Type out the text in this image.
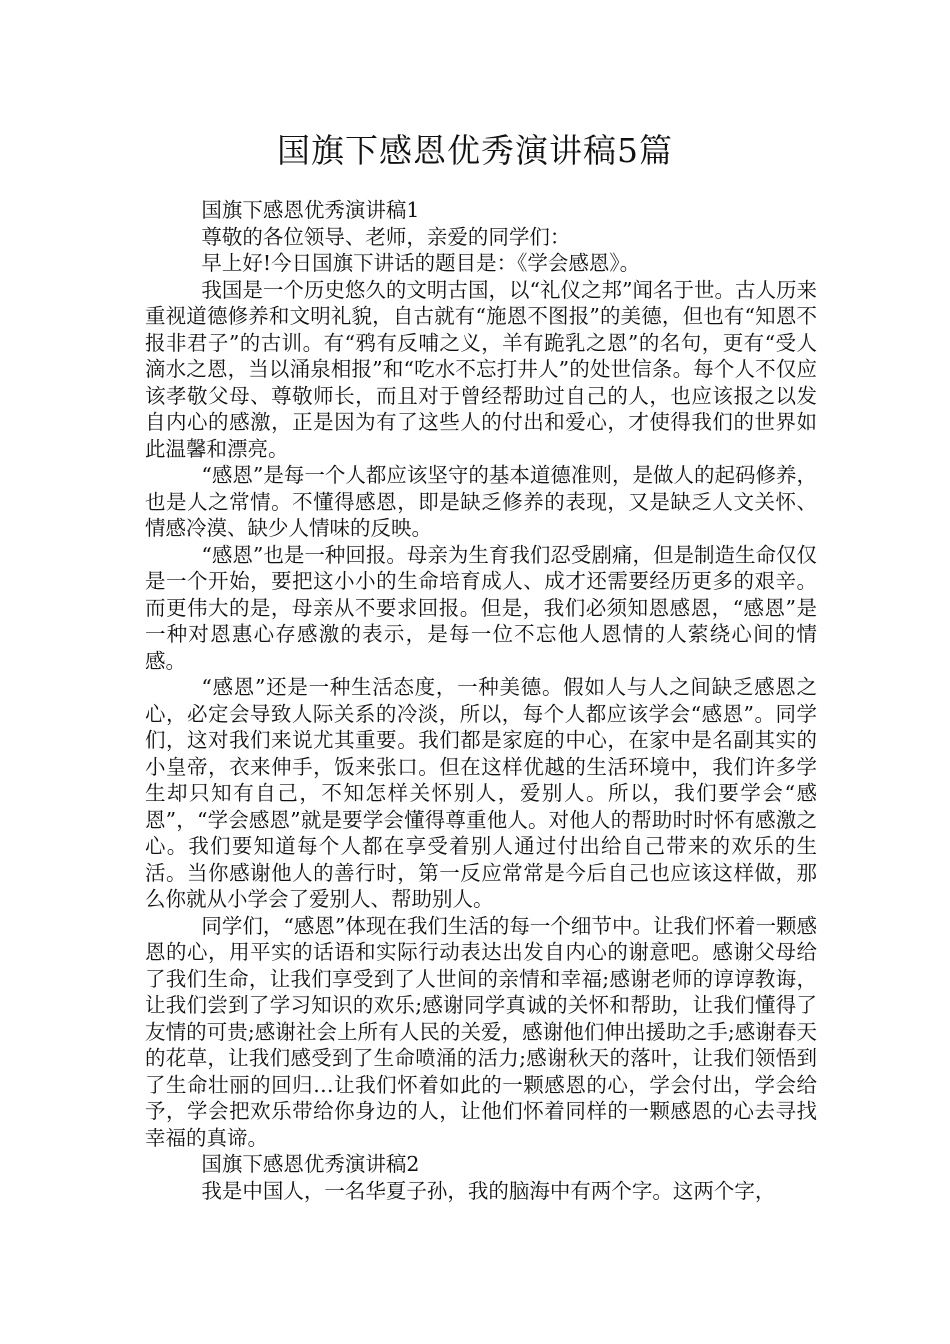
国旗下感恩优秀演讲稿5篇

国旗下感恩优秀演讲稿1

尊敬的各位领导、老师，亲爱的同学们：

早上好!今日国旗下讲话的题目是：《学会感恩》。

我国是一个历史悠久的文明古国，以“礼仪之邦”闻名于世。古人历来重视道德修养和文明礼貌，自古就有“施恩不图报”的美德，但也有“知恩不报非君子”的古训。有“鸦有反哺之义，羊有跪乳之恩”的名句，更有“受人滴水之恩，当以涌泉相报”和“吃水不忘打井人”的处世信条。每个人不仅应该孝敬父母、尊敬师长，而且对于曾经帮助过自己的人，也应该报之以发自内心的感激，正是因为有了这些人的付出和爱心，才使得我们的世界如此温馨和漂亮。

“感恩”是每一个人都应该坚守的基本道德准则，是做人的起码修养，也是人之常情。不懂得感恩，即是缺乏修养的表现，又是缺乏人文关怀、情感冷漠、缺少人情味的反映。

“感恩”也是一种回报。母亲为生育我们忍受剧痛，但是制造生命仅仅是一个开始，要把这小小的生命培育成人、成才还需要经历更多的艰辛。而更伟大的是，母亲从不要求回报。但是，我们必须知恩感恩，“感恩”是一种对恩惠心存感激的表示，是每一位不忘他人恩情的人萦绕心间的情感。

“感恩”还是一种生活态度，一种美德。假如人与人之间缺乏感恩之心，必定会导致人际关系的冷淡，所以，每个人都应该学会“感恩”。同学们，这对我们来说尤其重要。我们都是家庭的中心，在家中是名副其实的小皇帝，衣来伸手，饭来张口。但在这样优越的生活环境中，我们许多学生却只知有自己，不知怎样关怀别人，爱别人。所以，我们要学会“感恩”，“学会感恩”就是要学会懂得尊重他人。对他人的帮助时时怀有感激之心。我们要知道每个人都在享受着别人通过付出给自己带来的欢乐的生活。当你感谢他人的善行时，第一反应常常是今后自己也应该这样做，那么你就从小学会了爱别人、帮助别人。

同学们，“感恩”体现在我们生活的每一个细节中。让我们怀着一颗感恩的心，用平实的话语和实际行动表达出发自内心的谢意吧。感谢父母给了我们生命，让我们享受到了人世间的亲情和幸福;感谢老师的谆谆教诲，让我们尝到了学习知识的欢乐;感谢同学真诚的关怀和帮助，让我们懂得了友情的可贵;感谢社会上所有人民的关爱，感谢他们伸出援助之手;感谢春天的花草，让我们感受到了生命喷涌的活力;感谢秋天的落叶，让我们领悟到了生命壮丽的回归…让我们怀着如此的一颗感恩的心，学会付出，学会给予，学会把欢乐带给你身边的人，让他们怀着同样的一颗感恩的心去寻找幸福的真谛。

国旗下感恩优秀演讲稿2

我是中国人，一名华夏子孙，我的脑海中有两个字。这两个字，
